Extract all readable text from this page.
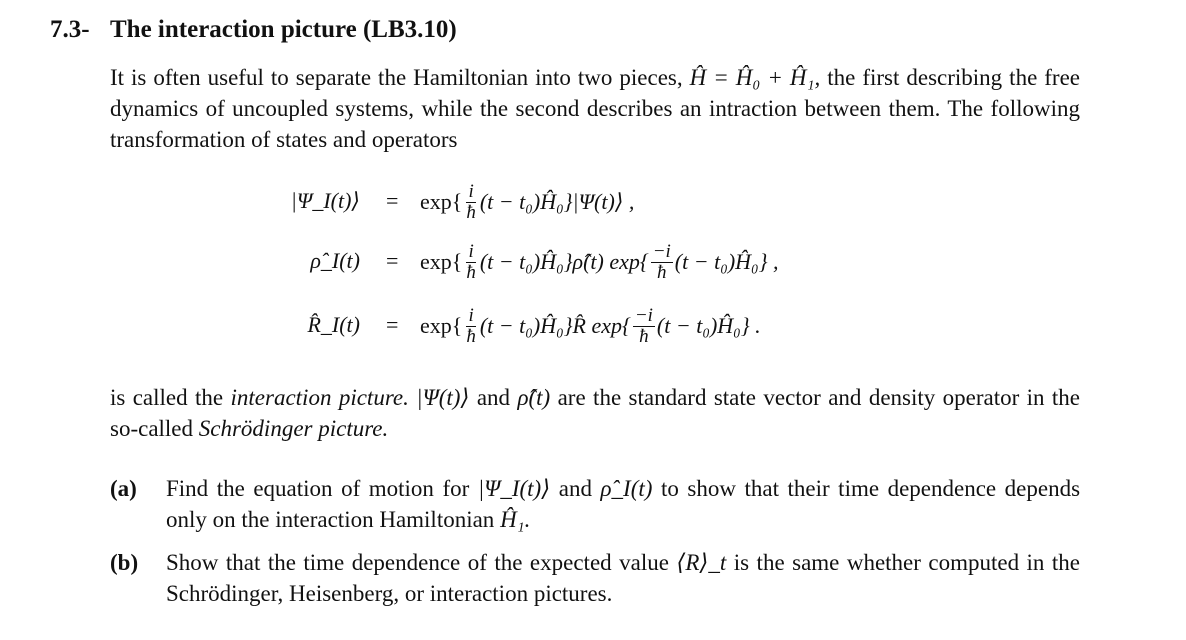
7.3- The interaction picture (LB3.10)
It is often useful to separate the Hamiltonian into two pieces, Ĥ = Ĥ₀ + Ĥ₁, the first describing the free dynamics of uncoupled systems, while the second describes an intraction between them. The following transformation of states and operators
|Ψ_I(t)⟩ = $\exp\{ \frac{i}{ħ} (t$ − t₀)Ĥ₀}|Ψ(t)⟩ ,
ρ̂_I(t) = $\exp\{ \frac{i}{ħ} (t$ − t₀)Ĥ₀}ρ̂(t) $\exp\{ \frac{-i}{ħ} (t$ − t₀)Ĥ₀} ,
R̂_I(t) = $\exp\{ \frac{i}{ħ} (t$ − t₀)Ĥ₀}R̂ $\exp\{ \frac{-i}{ħ} (t$ − t₀)Ĥ₀} .
is called the interaction picture. |Ψ(t)⟩ and ρ̂(t) are the standard state vector and density operator in the so-called Schrödinger picture.
(a) Find the equation of motion for |Ψ_I(t)⟩ and ρ̂_I(t) to show that their time dependence depends only on the interaction Hamiltonian Ĥ₁.
(b) Show that the time dependence of the expected value ⟨R⟩_t is the same whether computed in the Schrödinger, Heisenberg, or interaction pictures.
